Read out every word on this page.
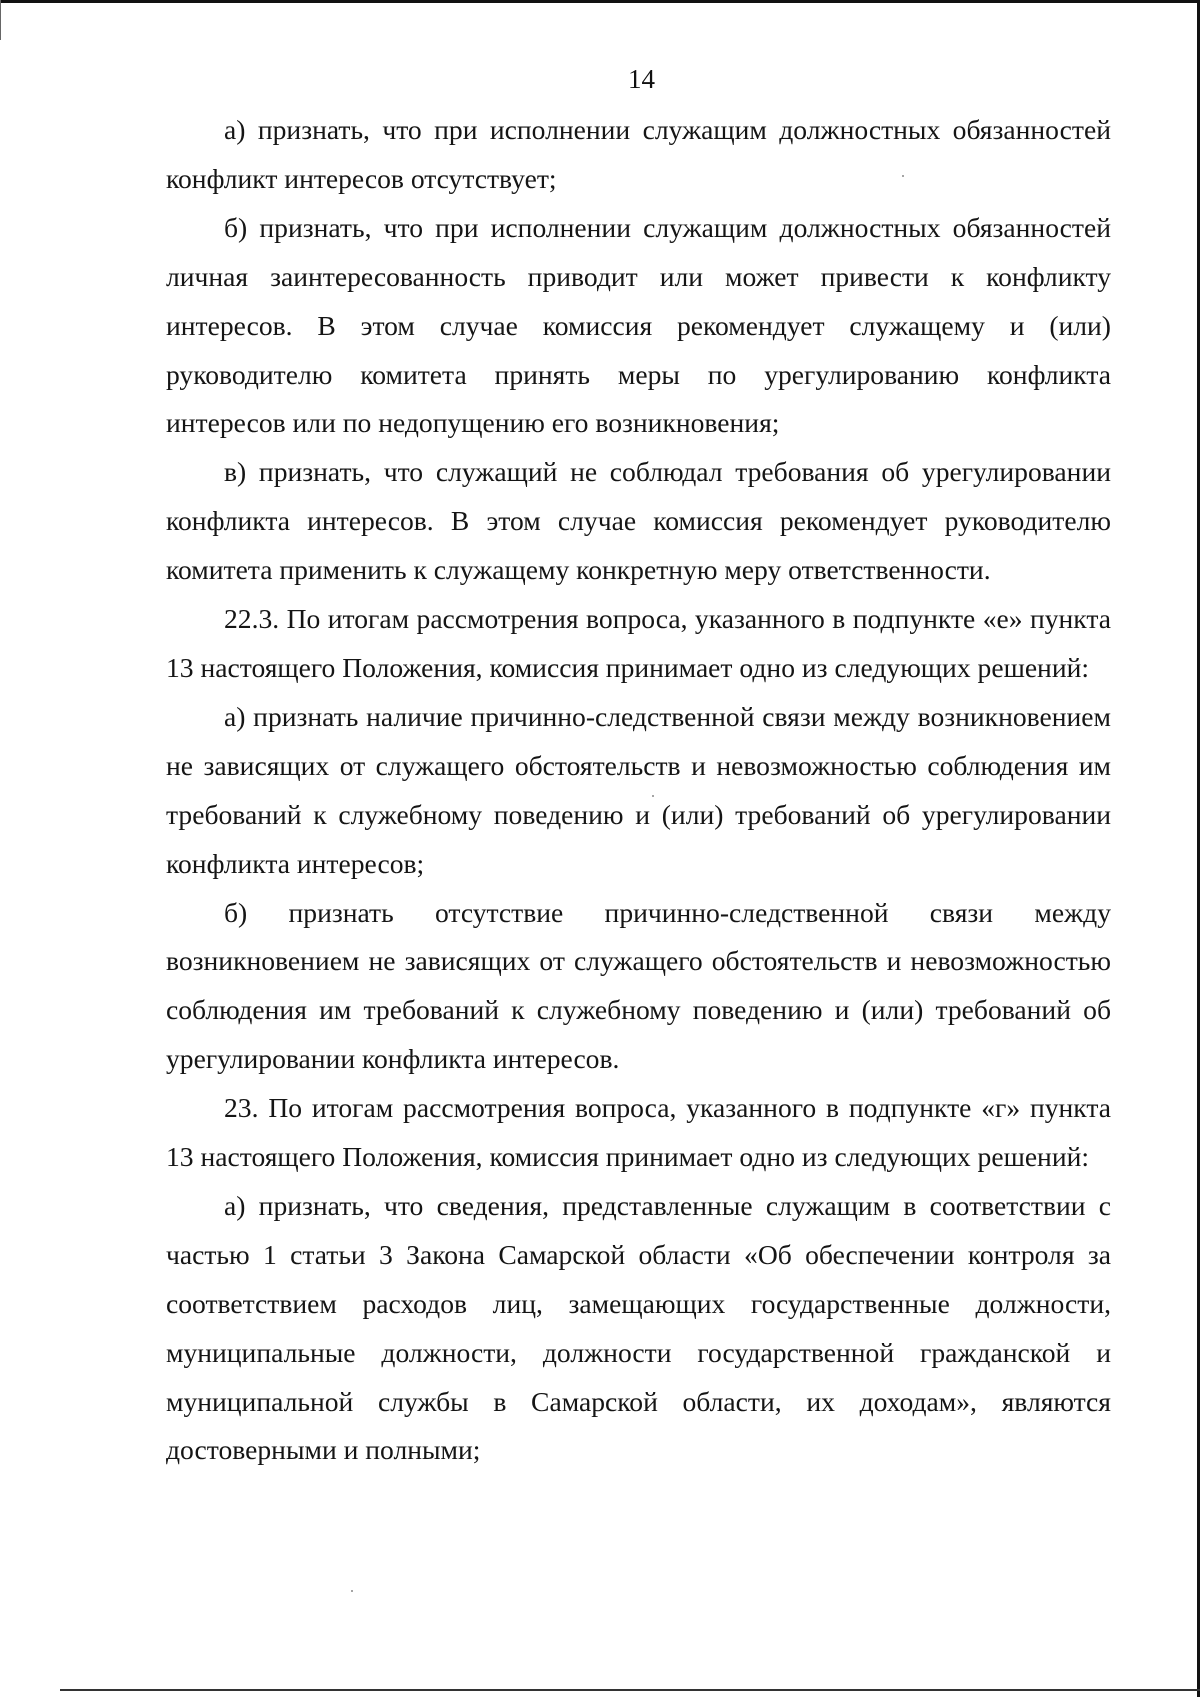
14

а) признать, что при исполнении служащим должностных обязанностей конфликт интересов отсутствует;

б) признать, что при исполнении служащим должностных обязанностей личная заинтересованность приводит или может привести к конфликту интересов. В этом случае комиссия рекомендует служащему и (или) руководителю комитета принять меры по урегулированию конфликта интересов или по недопущению его возникновения;

в) признать, что служащий не соблюдал требования об урегулировании конфликта интересов. В этом случае комиссия рекомендует руководителю комитета применить к служащему конкретную меру ответственности.

22.3. По итогам рассмотрения вопроса, указанного в подпункте «е» пункта 13 настоящего Положения, комиссия принимает одно из следующих решений:

а) признать наличие причинно-следственной связи между возникновением не зависящих от служащего обстоятельств и невозможностью соблюдения им требований к служебному поведению и (или) требований об урегулировании конфликта интересов;

б) признать отсутствие причинно-следственной связи между возникновением не зависящих от служащего обстоятельств и невозможностью соблюдения им требований к служебному поведению и (или) требований об урегулировании конфликта интересов.

23. По итогам рассмотрения вопроса, указанного в подпункте «г» пункта 13 настоящего Положения, комиссия принимает одно из следующих решений:

а) признать, что сведения, представленные служащим в соответствии с частью 1 статьи 3 Закона Самарской области «Об обеспечении контроля за соответствием расходов лиц, замещающих государственные должности, муниципальные должности, должности государственной гражданской и муниципальной службы в Самарской области, их доходам», являются достоверными и полными;
